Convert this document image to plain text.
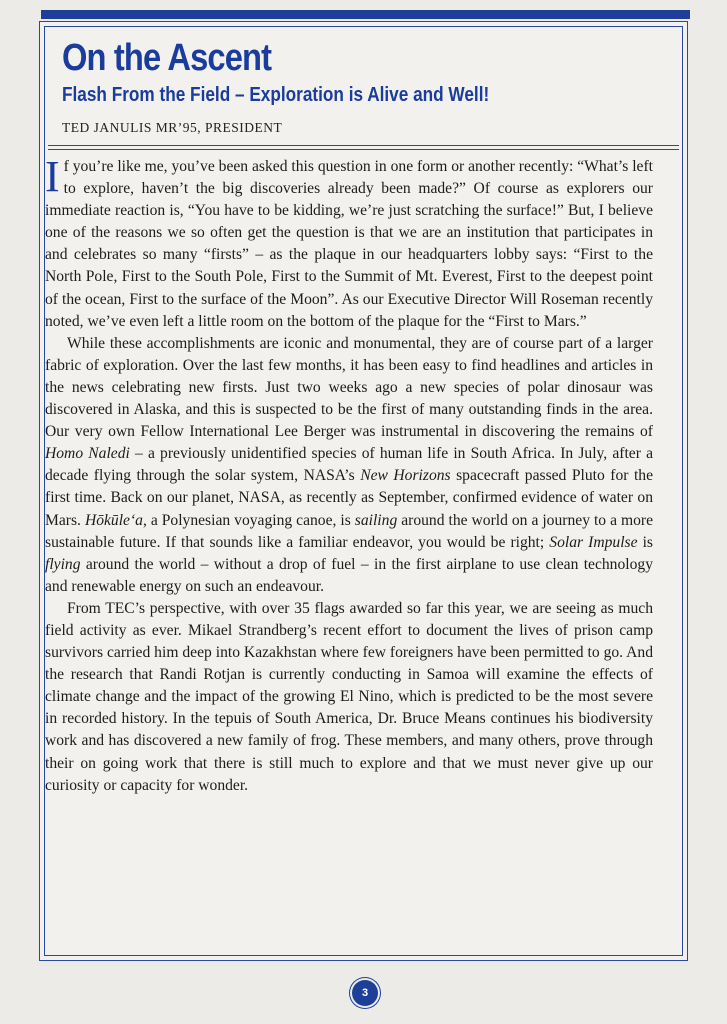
On the Ascent
Flash From the Field – Exploration is Alive and Well!
TED JANULIS MR’95, PRESIDENT

If you’re like me, you’ve been asked this question in one form or another recently: “What’s left to explore, haven’t the big discoveries already been made?” Of course as explorers our immediate reaction is, “You have to be kidding, we’re just scratching the surface!” But, I believe one of the reasons we so often get the question is that we are an institution that participates in and celebrates so many “firsts” – as the plaque in our headquarters lobby says: “First to the North Pole, First to the South Pole, First to the Summit of Mt. Everest, First to the deepest point of the ocean, First to the surface of the Moon”. As our Executive Director Will Roseman recently noted, we’ve even left a little room on the bottom of the plaque for the “First to Mars.”

While these accomplishments are iconic and monumental, they are of course part of a larger fabric of exploration. Over the last few months, it has been easy to find headlines and articles in the news celebrating new firsts. Just two weeks ago a new species of polar dinosaur was discovered in Alaska, and this is suspected to be the first of many outstanding finds in the area. Our very own Fellow International Lee Berger was instrumental in discovering the remains of Homo Naledi – a previously unidentified species of human life in South Africa. In July, after a decade flying through the solar system, NASA’s New Horizons spacecraft passed Pluto for the first time. Back on our planet, NASA, as recently as September, confirmed evidence of water on Mars. Hōkūle‘a, a Polynesian voyaging canoe, is sailing around the world on a journey to a more sustainable future. If that sounds like a familiar endeavor, you would be right; Solar Impulse is flying around the world – without a drop of fuel – in the first airplane to use clean technology and renewable energy on such an endeavour.

From TEC’s perspective, with over 35 flags awarded so far this year, we are seeing as much field activity as ever. Mikael Strandberg’s recent effort to document the lives of prison camp survivors carried him deep into Kazakhstan where few foreigners have been permitted to go. And the research that Randi Rotjan is currently conducting in Samoa will examine the effects of climate change and the impact of the growing El Nino, which is predicted to be the most severe in recorded history. In the tepuis of South America, Dr. Bruce Means continues his biodiversity work and has discovered a new family of frog. These members, and many others, prove through their on going work that there is still much to explore and that we must never give up our curiosity or capacity for wonder.

3
